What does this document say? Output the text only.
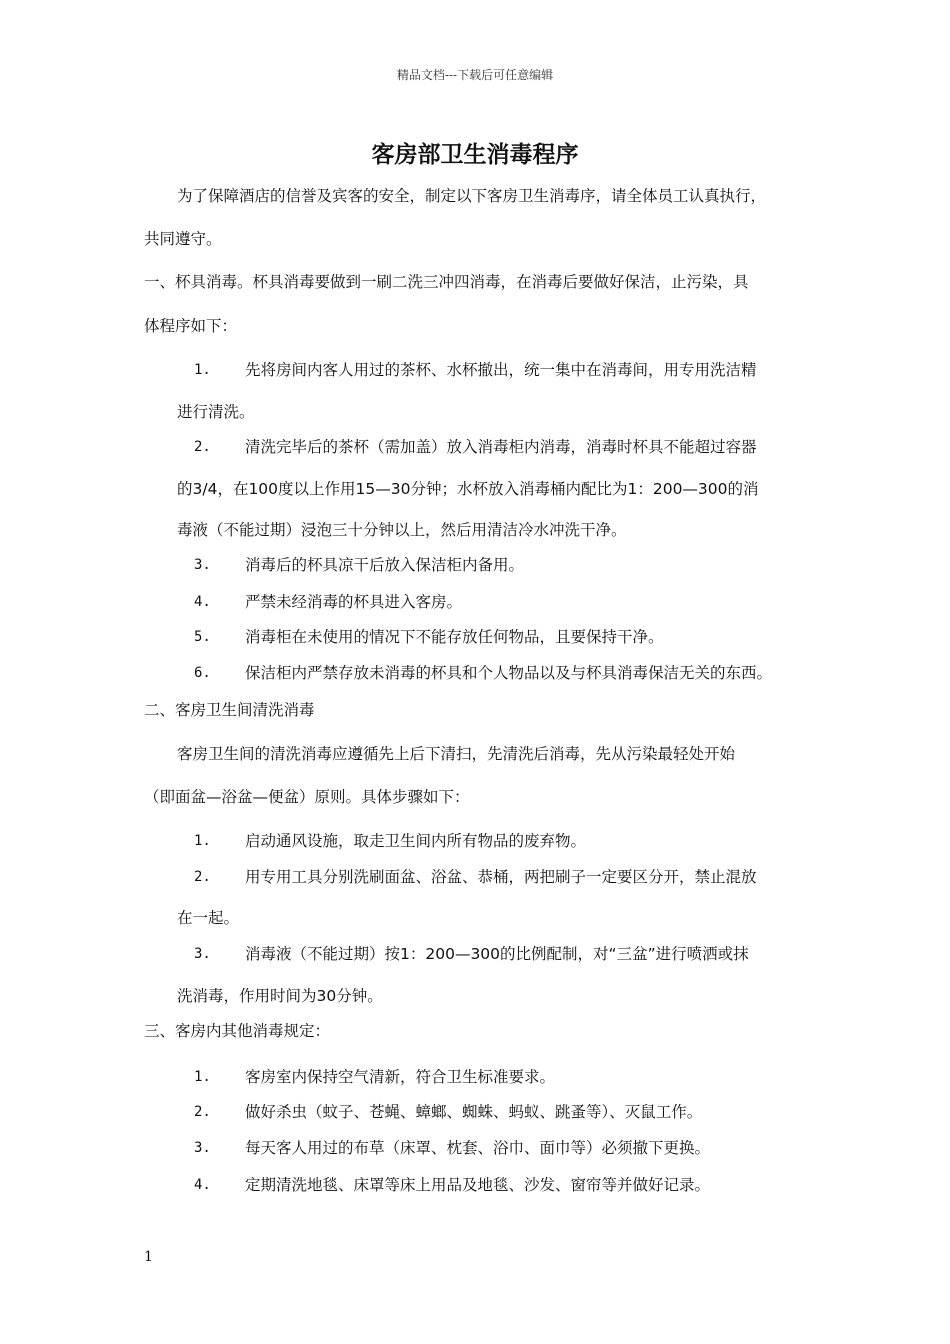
精品文档---下载后可任意编辑
客房部卫生消毒程序
为了保障酒店的信誉及宾客的安全，制定以下客房卫生消毒序，请全体员工认真执行，
共同遵守。
一、杯具消毒。杯具消毒要做到一刷二洗三冲四消毒，在消毒后要做好保洁，止污染，具
体程序如下：
1. 先将房间内客人用过的茶杯、水杯撤出，统一集中在消毒间，用专用洗洁精
进行清洗。
2. 清洗完毕后的茶杯（需加盖）放入消毒柜内消毒，消毒时杯具不能超过容器
的3/4，在100度以上作用15—30分钟；水杯放入消毒桶内配比为1：200—300的消
毒液（不能过期）浸泡三十分钟以上，然后用清洁冷水冲洗干净。
3. 消毒后的杯具凉干后放入保洁柜内备用。
4. 严禁未经消毒的杯具进入客房。
5. 消毒柜在未使用的情况下不能存放任何物品，且要保持干净。
6. 保洁柜内严禁存放未消毒的杯具和个人物品以及与杯具消毒保洁无关的东西。
二、客房卫生间清洗消毒
客房卫生间的清洗消毒应遵循先上后下清扫，先清洗后消毒，先从污染最轻处开始
（即面盆—浴盆—便盆）原则。具体步骤如下：
1. 启动通风设施，取走卫生间内所有物品的废弃物。
2. 用专用工具分别洗刷面盆、浴盆、恭桶，两把刷子一定要区分开，禁止混放
在一起。
3. 消毒液（不能过期）按1：200—300的比例配制，对“三盆”进行喷洒或抹
洗消毒，作用时间为30分钟。
三、客房内其他消毒规定：
1. 客房室内保持空气清新，符合卫生标准要求。
2. 做好杀虫（蚊子、苍蝇、蟑螂、蜘蛛、蚂蚁、跳蚤等）、灭鼠工作。
3. 每天客人用过的布草（床罩、枕套、浴巾、面巾等）必须撤下更换。
4. 定期清洗地毯、床罩等床上用品及地毯、沙发、窗帘等并做好记录。
1
